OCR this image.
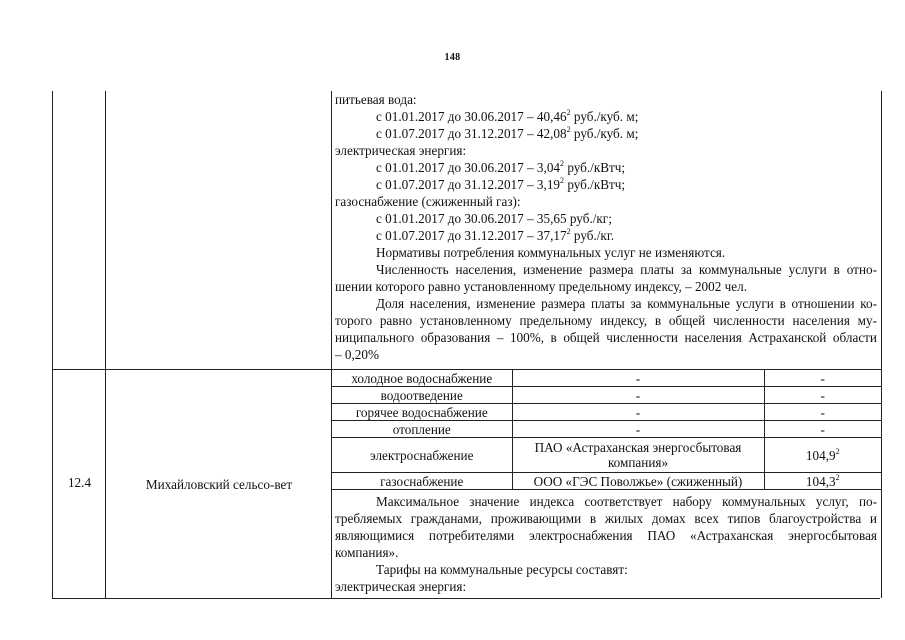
148
питьевая вода:
с 01.01.2017 до 30.06.2017 – 40,46$^2$ руб./куб. м;
с 01.07.2017 до 31.12.2017 – 42,08$^2$ руб./куб. м;
электрическая энергия:
с 01.01.2017 до 30.06.2017 – 3,04$^2$ руб./кВтч;
с 01.07.2017 до 31.12.2017 – 3,19$^2$ руб./кВтч;
газоснабжение (сжиженный газ):
с 01.01.2017 до 30.06.2017 – 35,65 руб./кг;
с 01.07.2017 до 31.12.2017 – 37,17$^2$ руб./кг.
Нормативы потребления коммунальных услуг не изменяются.
Численность населения, изменение размера платы за коммунальные услуги в отно-
шении которого равно установленному предельному индексу, – 2002 чел.
Доля населения, изменение размера платы за коммунальные услуги в отношении ко-
торого равно установленному предельному индексу, в общей численности населения му-
ниципального образования – 100%, в общей численности населения Астраханской области
– 0,20%
12.4	Михайловский сельсо-вет
холодное водоснабжение	-	-
водоотведение	-	-
горячее водоснабжение	-	-
отопление	-	-
электроснабжение	ПАО «Астраханская энергосбытовая компания»	104,9$^2$
газоснабжение	ООО «ГЭС Поволжье» (сжиженный)	104,3$^2$
Максимальное значение индекса соответствует набору коммунальных услуг, по-
требляемых гражданами, проживающими в жилых домах всех типов благоустройства и
являющимися потребителями электроснабжения ПАО «Астраханская энергосбытовая
компания».
Тарифы на коммунальные ресурсы составят:
электрическая энергия:
